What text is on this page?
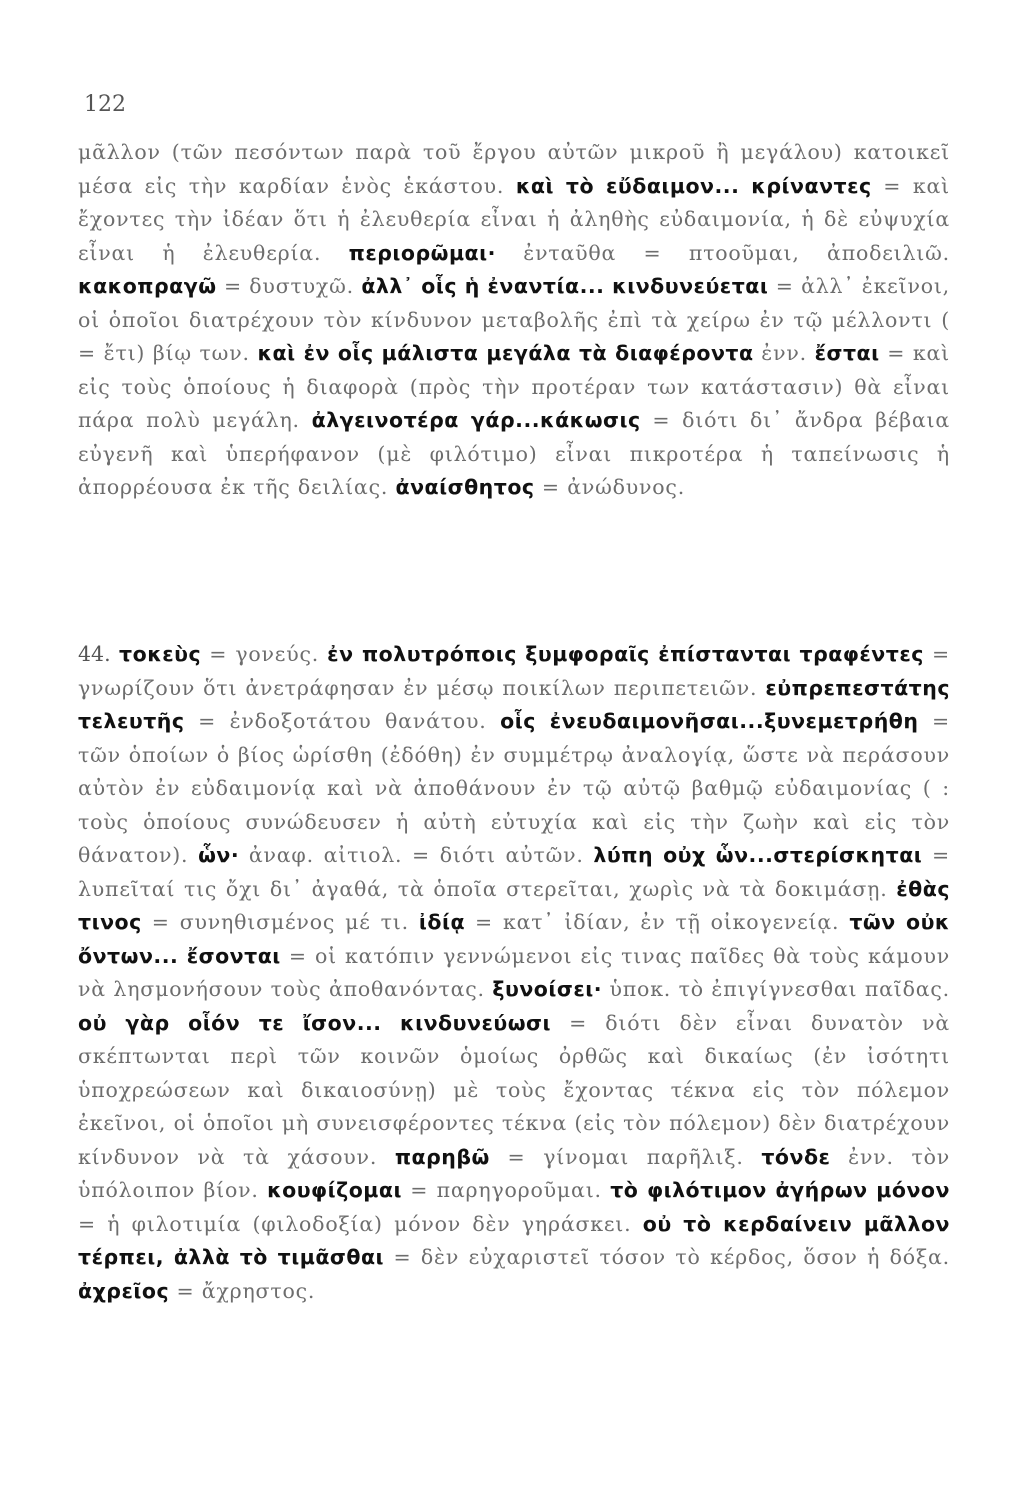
122
μᾶλλον (τῶν πεσόντων παρὰ τοῦ ἔργου αὐτῶν μικροῦ ἢ μεγάλου) κατοικεῖ μέσα εἰς τὴν καρδίαν ἑνὸς ἑκάστου. καὶ τὸ εὔδαιμον... κρίναντες = καὶ ἔχοντες τὴν ἰδέαν ὅτι ἡ ἐλευθερία εἶναι ἡ ἀληθὴς εὐδαιμονία, ἡ δὲ εὐψυχία εἶναι ἡ ἐλευθερία. περιορῶμαι· ἐνταῦθα = πτοοῦμαι, ἀποδειλιῶ. κακοπραγῶ = δυστυχῶ. ἀλλ᾽ οἷς ἡ ἐναντία... κινδυνεύεται = ἀλλ᾽ ἐκεῖνοι, οἱ ὁποῖοι διατρέχουν τὸν κίνδυνον μεταβολῆς ἐπὶ τὰ χείρω ἐν τῷ μέλλοντι ( = ἔτι) βίῳ των. καὶ ἐν οἷς μάλιστα μεγάλα τὰ διαφέροντα ἐνν. ἔσται = καὶ εἰς τοὺς ὁποίους ἡ διαφορὰ (πρὸς τὴν προτέραν των κατάστασιν) θὰ εἶναι πάρα πολὺ μεγάλη. ἀλγεινοτέρα γάρ...κάκωσις = διότι δι᾽ ἄνδρα βέβαια εὐγενῆ καὶ ὑπερήφανον (μὲ φιλότιμο) εἶναι πικροτέρα ἡ ταπείνωσις ἡ ἀπορρέουσα ἐκ τῆς δειλίας. ἀναίσθητος = ἀνώδυνος.
44. τοκεὺς = γονεύς. ἐν πολυτρόποις ξυμφοραῖς ἐπίστανται τραφέντες = γνωρίζουν ὅτι ἀνετράφησαν ἐν μέσῳ ποικίλων περιπετειῶν. εὐπρεπεστάτης τελευτῆς = ἐνδοξοτάτου θανάτου. οἷς ἐνευδαιμονῆσαι...ξυνεμετρήθη = τῶν ὁποίων ὁ βίος ὡρίσθη (ἐδόθη) ἐν συμμέτρῳ ἀναλογίᾳ, ὥστε νὰ περάσουν αὐτὸν ἐν εὐδαιμονίᾳ καὶ νὰ ἀποθάνουν ἐν τῷ αὐτῷ βαθμῷ εὐδαιμονίας ( : τοὺς ὁποίους συνώδευσεν ἡ αὐτὴ εὐτυχία καὶ εἰς τὴν ζωὴν καὶ εἰς τὸν θάνατον). ὧν· ἀναφ. αἰτιολ. = διότι αὐτῶν. λύπη οὐχ ὧν...στερίσκηται = λυπεῖταί τις ὄχι δι᾽ ἀγαθά, τὰ ὁποῖα στερεῖται, χωρὶς νὰ τὰ δοκιμάσῃ. ἐθὰς τινος = συνηθισμένος μέ τι. ἰδίᾳ = κατ᾽ ἰδίαν, ἐν τῇ οἰκογενείᾳ. τῶν οὐκ ὄντων... ἔσονται = οἱ κατόπιν γεννώμενοι εἰς τινας παῖδες θὰ τοὺς κάμουν νὰ λησμονήσουν τοὺς ἀποθανόντας. ξυνοίσει· ὑποκ. τὸ ἐπιγίγνεσθαι παῖδας. οὐ γὰρ οἷόν τε ἴσον... κινδυνεύωσι = διότι δὲν εἶναι δυνατὸν νὰ σκέπτωνται περὶ τῶν κοινῶν ὁμοίως ὀρθῶς καὶ δικαίως (ἐν ἰσότητι ὑποχρεώσεων καὶ δικαιοσύνῃ) μὲ τοὺς ἔχοντας τέκνα εἰς τὸν πόλεμον ἐκεῖνοι, οἱ ὁποῖοι μὴ συνεισφέροντες τέκνα (εἰς τὸν πόλεμον) δὲν διατρέχουν κίνδυνον νὰ τὰ χάσουν. παρηβῶ = γίνομαι παρῆλιξ. τόνδε ἐνν. τὸν ὑπόλοιπον βίον. κουφίζομαι = παρηγοροῦμαι. τὸ φιλότιμον ἀγήρων μόνον = ἡ φιλοτιμία (φιλοδοξία) μόνον δὲν γηράσκει. οὐ τὸ κερδαίνειν μᾶλλον τέρπει, ἀλλὰ τὸ τιμᾶσθαι = δὲν εὐχαριστεῖ τόσον τὸ κέρδος, ὅσον ἡ δόξα. ἀχρεῖος = ἄχρηστος.
